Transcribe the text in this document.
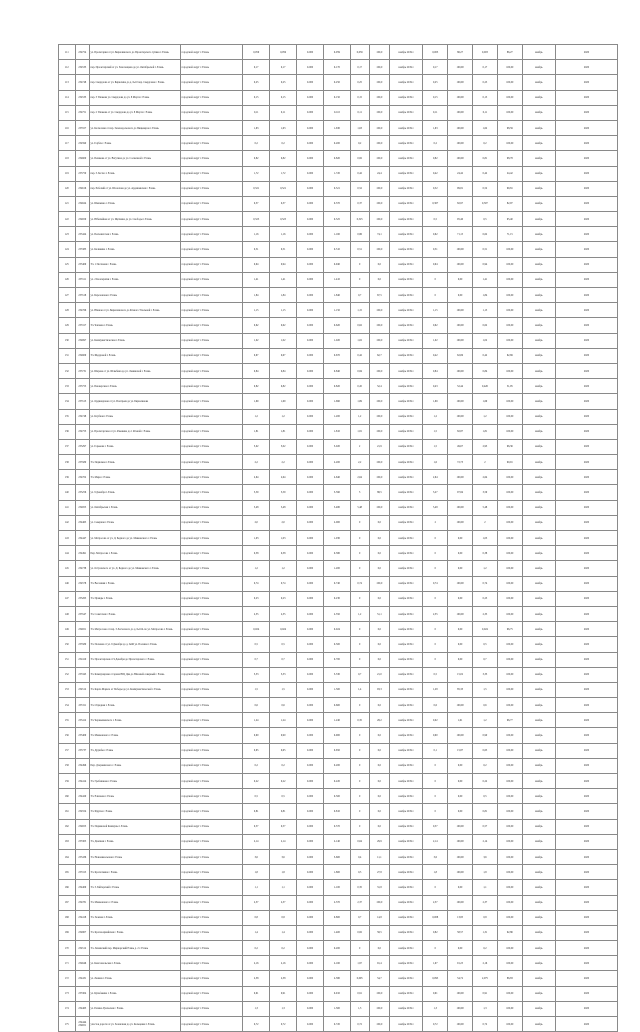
111	254754	ул. Пролетарии от ул. Бирюлинского до Пролетарского тупика г. Елань	городской округ г. Елань	0,059	0,059	0-000	0-059	0,059	100,0	ноябрь 2019 г.	0,003	86,27	0,003	86,27	ноябрь	2020
112	254533	пер. Пролетарский от ул. Запесенцева до ул. Октябрьской г. Елань	городской округ г. Елань	0,17	0,17	0-000	0-170	0,17	100,0	ноябрь 2019 г.	0,17	100,00	0,17	100,00	ноябрь	2020
113	254748	пер. Свердлова от ул. Бирюлина до д. №10 пер. Свердлова г. Елань	городской округ г. Елань	0,25	0,25	0-000	0-250	0,25	100,0	ноябрь 2019 г.	0,25	100,00	0,25	100,00	ноябрь	2020
114	254533	пер. 3 Ушакова ул. Свердлова до ул. 8 Марта г. Елань	городской округ г. Елань	0,15	0,15	0-000	0-150	0,15	100,0	ноябрь 2019 г.	0,15	100,00	0,15	100,00	ноябрь	2020
115	254751	пер. 2 Ушакова от ул. Свердлова до ул. 8 Марта г. Елань	городской округ г. Елань	0,11	0,11	0-000	0-110	0,11	100,0	ноябрь 2019 г.	0,11	100,00	0,11	100,00	ноябрь	2020
116	255557	ул. Колхозная от пер. Зеленодольского до Пищеваров г. Елань	городской округ г. Елань	1,63	1,63	0-000	1-630	1,63	100,0	ноябрь 2019 г.	1,63	100,00	1,62	98,59	ноябрь	2020
117	254590	ул. Горбач г. Елань	городской округ г. Елань	0,2	0,2	0-000	0-200	0,2	100,0	ноябрь 2019 г.	0,2	100,00	0,2	100,00	ноябрь	2020
118	254600	ул. Пешкова от ул. Ватутина до ул. Солнечной г. Елань	городской округ г. Елань	0,82	0,82	0-000	0-820	0,82	100,0	ноябрь 2019 г.	0,82	100,00	0,81	98,78	ноябрь	2020
119	255750	пер. 3 Лесхоз г. Елань	городской округ г. Елань	1,72	1,72	0-000	1-720	0,42	24,4	ноябрь 2019 г.	0,42	24,42	0,42	24,42	ноябрь	2020
120	254616	пер. Рабочий от ул. Шолохова до ул. Ардашевская г. Елань	городской округ г. Елань	0,521	0,521	0-000	0-521	0,52	100,0	ноябрь 2019 г.	0,52	99,81	0,52	99,81	ноябрь	2020
121	254624	ул. Шевченко г. Елань	городской округ г. Елань	0,37	0,37	0-000	0-370	0,37	100,0	ноябрь 2019 г.	0,307	82,97	0,307	82,97	ноябрь	2020
122	254659	ул. Юбилейная от ул. Щетнина до ул. Свободы г. Елань	городской округ г. Елань	0,525	0,525	0-000	0-525	0,525	100,0	ноябрь 2019 г.	0,5	95,40	0,5	95,40	ноябрь	2020
123	255424	ул. Песковатская г. Елань	городской округ г. Елань	1,16	1,16	0-000	1-160	0,86	74,1	ноябрь 2019 г.	0,62	71,15	0,62	71,15	ноябрь	2020
124	255383	ул. Калинина г. Елань	городской округ г. Елань	0,51	0,51	0-000	0-510	0,51	100,0	ноябрь 2019 г.	0,51	100,00	0,51	100,00	ноябрь	2020
125	255409	Ул. 1 Песчаная г. Елань	городской округ г. Елань	0,94	0,94	0-000	0-940	0	0,0	ноябрь 2019 г.	0,94	100,00	0,94	100,00	ноябрь	2020
126	255511	ул. 2 Кооператив г. Елань	городской округ г. Елань	1,41	1,41	0-000	1-410	0	0,0	ноябрь 2019 г.	0	0,00	1,41	100,00	ноябрь	2020
127	255518	ул. Березовская г. Елань	городской округ г. Елань	1,84	1,84	0-000	1-840	0,7	67,5	ноябрь 2019 г.	0	0,00	1,84	100,00	ноябрь	2020
128	254766	ул. Южная от ул. Бирюлинского до Речного Упольной г. Елань	городской округ г. Елань	1,15	1,15	0-000	1-150	1,15	100,0	ноябрь 2019 г.	1,15	100,00	1,15	100,00	ноябрь	2020
129	255317	Ул. Чапаева г. Елань	городской округ г. Елань	0,62	0,62	0-000	0-620	0,62	100,0	ноябрь 2019 г.	0,62	100,00	0,62	100,00	ноябрь	2020
130	254697	ул. Коммунистическая г. Елань	городской округ г. Елань	1,02	1,02	0-000	1-020	1,02	100,0	ноябрь 2019 г.	1,02	100,00	1,02	100,00	ноябрь	2020
131	254609	Ул. Щедровой г. Елань	городской округ г. Елань	0,67	0,67	0-000	0-670	0,42	62,7	ноябрь 2019 г.	0,42	62,69	0,42	62,69	ноябрь	2020
132	255731	ул. Шарова от ул. Шлыбина до ул. Ленинской г. Елань	городской округ г. Елань	0,84	0,84	0-000	0-840	0,84	100,0	ноябрь 2019 г.	0,84	100,00	0,84	100,00	ноябрь	2020
133	255755	ул. Пионерская г. Елань	городской округ г. Елань	0,82	0,82	0-000	0-820	0,45	52,4	ноябрь 2019 г.	0,43	52,44	0,426	51,95	ноябрь	2020
134	255513	ул. Ординарская от ул. Понтреев до ул. Бирюлинова	городской округ г. Елань	1,69	1,69	0-000	1-690	1,69	100,0	ноябрь 2019 г.	1,69	100,00	1,69	100,00	ноябрь	2020
135	254748	ул. Клубная г. Елань	городской округ г. Елань	1,2	1,2	0-000	1-200	1,2	100,0	ноябрь 2019 г.	1,2	100,00	1,2	100,00	ноябрь	2020
136	254753	ул. Пролетарская от ул. Раковина до 1 Речной г. Елань	городской округ г. Елань	1,81	1,81	0-000	1-810	1,81	100,0	ноябрь 2019 г.	1,5	82,87	1,81	100,00	ноябрь	2020
137	255297	ул. Горькова г. Елань	городской округ г. Елань	3,02	3,02	0-000	3-020	2	21,9	ноябрь 2019 г.	1,5	49,67	2,93	96,36	ноябрь	2020
138	255580	Ул. Первомая г. Елань	городской округ г. Елань	2,2	2,2	0-000	2-200	2,2	100,0	ноябрь 2019 г.	1,6	72,73	2	90,91	ноябрь	2020
139	254702	Ул. Мира г. Елань	городской округ г. Елань	2,64	2,64	0-000	2-640	2,64	100,0	ноябрь 2019 г.	2,64	100,00	2,64	100,00	ноябрь	2020
140	255256	ул. 9 Декабря г. Елань	городской округ г. Елань	3,59	3,59	0-000	3-590	3	88,5	ноябрь 2019 г.	3,27	97,84	3,59	100,00	ноябрь	2020
141	254955	ул. Октябрьская г. Елань	городской округ г. Елань	5,48	5,48	0-000	5-480	5,48	100,0	ноябрь 2019 г.	5,48	100,00	5,48	100,00	ноябрь	2020
142	254465	ул. Северная г. Елань	городской округ г. Елань	2,0	2,0	0-000	2-000	0	0,0	ноябрь 2019 г.	2	100,00	2	100,00	ноябрь	2020
143	254447	ул. Матросова от ул. Д. Бедного до ул. Маяковского г. Елань	городской округ г. Елань	1,03	1,03	0-000	1-030	0	0,0	ноябрь 2019 г.	0	0,00	1,03	100,00	ноябрь	2020
144	254491	Пер. Матросова г. Елань	городской округ г. Елань	0,38	0,38	0-000	0-380	0	0,0	ноябрь 2019 г.	0	0,00	0,38	100,00	ноябрь	2020
145	254738	ул. Островского от ул. Д. Бедного до ул. Маяковского г. Елань	городской округ г. Елань	1,2	1,2	0-000	1-200	0	0,0	ноябрь 2019 г.	0	0,00	1,2	100,00	ноябрь	2020
146	254578	Ул. Весенняя г. Елань	городской округ г. Елань	0,74	0,74	0-000	0-740	0,74	100,0	ноябрь 2019 г.	0,74	100,00	0,74	100,00	ноябрь	2020
147	255265	Ул. Правды г. Елань	городской округ г. Елань	0,23	0,23	0-000	0-230	0	0,0	ноябрь 2019 г.	0	0,00	0,23	100,00	ноябрь	2020
148	255547	Ул. Советская г. Елань	городской округ г. Елань	2,35	2,35	0-000	2-350	1,2	51,1	ноябрь 2019 г.	2,35	100,00	2,35	100,00	ноябрь	2020
149	254651	Ул. Матросова от пер. 3 Лесхозного до д. №10А по ул. Матросова г. Елань	городской округ г. Елань	0,024	0,024	0-000	0-024	0	0,0	ноябрь 2019 г.	0	0,00	0,024	96,75	ноябрь	2020
150	255580	Ул. Полевая от ул. 9 Декабря до д. №96 ул. Полевая г. Елань	городской округ г. Елань	0,5	0,5	0-000	0-500	0	0,0	ноябрь 2019 г.	0	0,00	0,5	100,00	ноябрь	2020
151	252410	Ул. Пролетарская от 9 Декабря до Пролетарского г. Елань	городской округ г. Елань	0,7	0,7	0-000	0-700	0	0,0	ноябрь 2019 г.	0	0,00	0,7	100,00	ноябрь	2020
152	255345	Ул. Коммунарная от храма ЮЦ Даи до Юношей северный г. Елань	городской округ г. Елань	3,33	3,33	0-000	3-330	0,7	21,0	ноябрь 2019 г.	0,5	15,02	3,33	100,00	ноябрь	2020
153	254512	Ул. Карла Маркса от Победы до ул. Коммунистической г. Елань	городской округ г. Елань	1,5	1,5	0-000	1-500	1,4	93,3	ноябрь 2019 г.	1,28	85,33	1,5	100,00	ноябрь	2020
154	255311	Ул. Отрадная г. Елань	городской округ г. Елань	0,6	0,6	0-000	0-600	0	0,0	ноябрь 2019 г.	0,6	100,00	0,6	100,00	ноябрь	2020
155	255412	Ул. Чернышевского г. Елань	городской округ г. Елань	1,24	1,24	0-000	1-240	0,35	28,2	ноябрь 2019 г.	0,02	1,61	1,2	96,77	ноябрь	2020
156	255409	Ул. Маяковского г. Елань	городской округ г. Елань	0,90	0,90	0-000	0-900	0	0,0	ноябрь 2019 г.	0,90	100,00	0,90	100,00	ноябрь	2020
157	255737	Ул. Дружбы г. Елань	городской округ г. Елань	0,65	0,65	0-000	0-650	0	0,0	ноябрь 2019 г.	0,1	15,87	0,65	100,00	ноябрь	2020
158	254496	Пер. Дзержинского г. Елань	городской округ г. Елань	0,2	0,2	0-000	0-200	0	0,0	ноябрь 2019 г.	0	0,00	0,2	100,00	ноябрь	2020
159	254414	Ул. Гребешкова г. Елань	городской округ г. Елань	0,22	0,22	0-000	0-220	0	0,0	ноябрь 2019 г.	0	0,00	0,22	100,00	ноябрь	2020
160	254420	Ул. Елизаева г. Елань	городской округ г. Елань	0,5	0,5	0-000	0-500	0	0,0	ноябрь 2019 г.	0	0,00	0,5	100,00	ноябрь	2020
161	254554	Ул. Фрунзе г. Елань	городской округ г. Елань	0,81	0,81	0-000	0-810	0	0,0	ноябрь 2019 г.	0	0,00	0,81	100,00	ноябрь	2020
162	254655	Ул. Парижской Коммуны г. Елань	городской округ г. Елань	0,57	0,57	0-000	0-570	0	0,0	ноябрь 2019 г.	0,57	100,00	0,57	100,00	ноябрь	2020
163	255305	Ул. Днепная г. Елань	городской округ г. Елань	2,14	2,14	0-000	2-140	0,64	29,9	ноябрь 2019 г.	2,14	100,00	2,14	100,00	ноябрь	2020
164	255436	Ул. Новоникольская г. Елань	городской округ г. Елань	3,6	3,6	0-000	3-600	0,4	11,1	ноябрь 2019 г.	3,6	100,00	3,6	100,00	ноябрь	2020
165	255315	Ул. Кропоткина г. Елань	городской округ г. Елань	1,8	1,8	0-000	1-800	0,5	27,8	ноябрь 2019 г.	1,8	100,00	1,8	100,00	ноябрь	2020
166	254409	Ул. 3 Лайтерский г. Елань	городской округ г. Елань	1,1	1,1	0-000	1-100	0,35	31,8	ноябрь 2019 г.	0	0,00	1,1	100,00	ноябрь	2020
167	254781	Ул. Маяковского г. Елань	городской округ г. Елань	2,37	2,37	0-000	2-370	2,37	100,0	ноябрь 2019 г.	2,37	100,00	2,37	100,00	ноябрь	2020
168	254418	Ул. Зеленая г. Елань	городской округ г. Елань	0,8	0,8	0-000	0-800	0,7	14,8	ноябрь 2019 г.	0,008	13,85	0,8	100,00	ноябрь	2020
169	254807	Ул. Красноармейская г. Елань	городской округ г. Елань	1,4	1,4	0-000	1-400	0,82	58,5	ноябрь 2019 г.	0,82	58,57	1,31	92,86	ноябрь	2020
170	254512	Ул. Ленинский пер. Мирнорский Елань д. 2 г. Елань	городской округ г. Елань	0,2	0,2	0-000	0-200	0	0,0	ноябрь 2019 г.	0	0,00	0,2	100,00	ноябрь	2020
171	254646	ул. Комсомольская г. Елань	городской округ г. Елань	2,16	2,16	0-000	2-160	1,97	91,4	ноябрь 2019 г.	1,97	91,25	2,16	100,00	ноябрь	2020
172	254431	ул. Ленина г. Елань	городской округ г. Елань	2,38	2,38	0-000	2-380	0,095	54,7	ноябрь 2019 г.	0,095	54,72	2,075	86,83	ноябрь	2020
173	255304	ул. Кульбакина г. Елань	городской округ г. Елань	0,91	0,91	0-000	0-910	0,91	100,0	ноябрь 2019 г.	0,91	100,00	0,91	100,00	ноябрь	2020
174	254463	ул. Разина-Уральская г. Елань	городской округ г. Елань	1,3	1,3	0-000	1-300	1,3	100,0	ноябрь 2019 г.	1,3	100,00	1,3	100,00	ноябрь	2020
175	254444 254651	участок дороги от ул. Зеленчная до ул. Кольцевая г. Елань	городской округ г. Елань	0,72	0,72	0-000	0-720	0,72	100,0	ноябрь 2019 г.	0,72	100,00	0,72	100,00	ноябрь	2020
